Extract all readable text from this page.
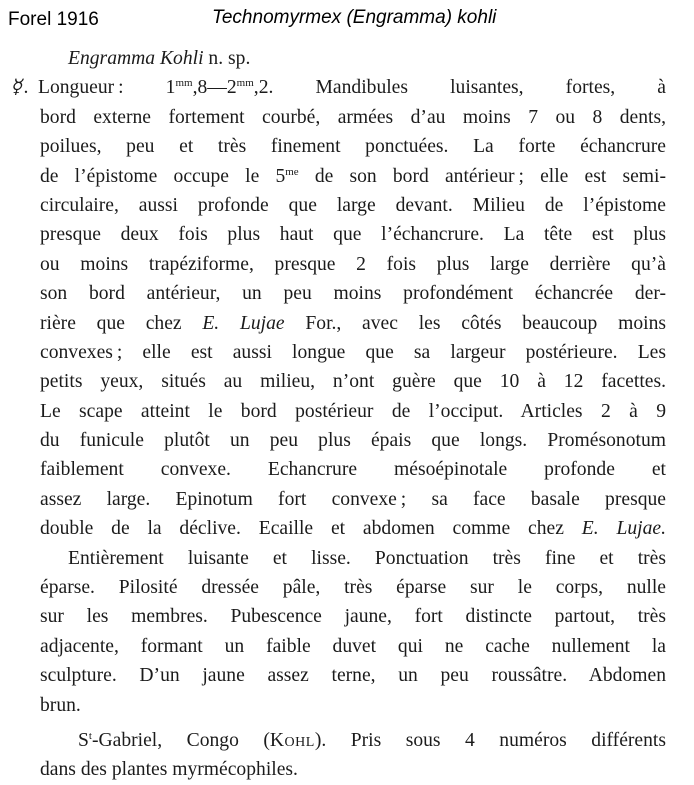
Forel 1916	Technomyrmex (Engramma) kohli
Engramma Kohli n. sp.
☿.Longueur : $1^{mm},8—2^{mm},2$. Mandibules luisantes, fortes, à
bord externe fortement courbé, armées d’au moins 7 ou 8 dents,
poilues, peu et très finement ponctuées. La forte échancrure
de l’épistome occupe le $5^{me}$ de son bord antérieur ; elle est semi-
circulaire, aussi profonde que large devant. Milieu de l’épistome
presque deux fois plus haut que l’échancrure. La tête est plus
ou moins trapéziforme, presque 2 fois plus large derrière qu’à
son bord antérieur, un peu moins profondément échancrée der-
rière que chez E. Lujae For., avec les côtés beaucoup moins
convexes ; elle est aussi longue que sa largeur postérieure. Les
petits yeux, situés au milieu, n’ont guère que 10 à 12 facettes.
Le scape atteint le bord postérieur de l’occiput. Articles 2 à 9
du funicule plutôt un peu plus épais que longs. Promésonotum
faiblement convexe. Echancrure mésoépinotale profonde et
assez large. Epinotum fort convexe ; sa face basale presque
double de la déclive. Ecaille et abdomen comme chez E. Lujae.
Entièrement luisante et lisse. Ponctuation très fine et très
éparse. Pilosité dressée pâle, très éparse sur le corps, nulle
sur les membres. Pubescence jaune, fort distincte partout, très
adjacente, formant un faible duvet qui ne cache nullement la
sculpture. D’un jaune assez terne, un peu roussâtre. Abdomen
brun.
$S^t$-Gabriel, Congo (Kohl). Pris sous 4 numéros différents
dans des plantes myrmécophiles.
